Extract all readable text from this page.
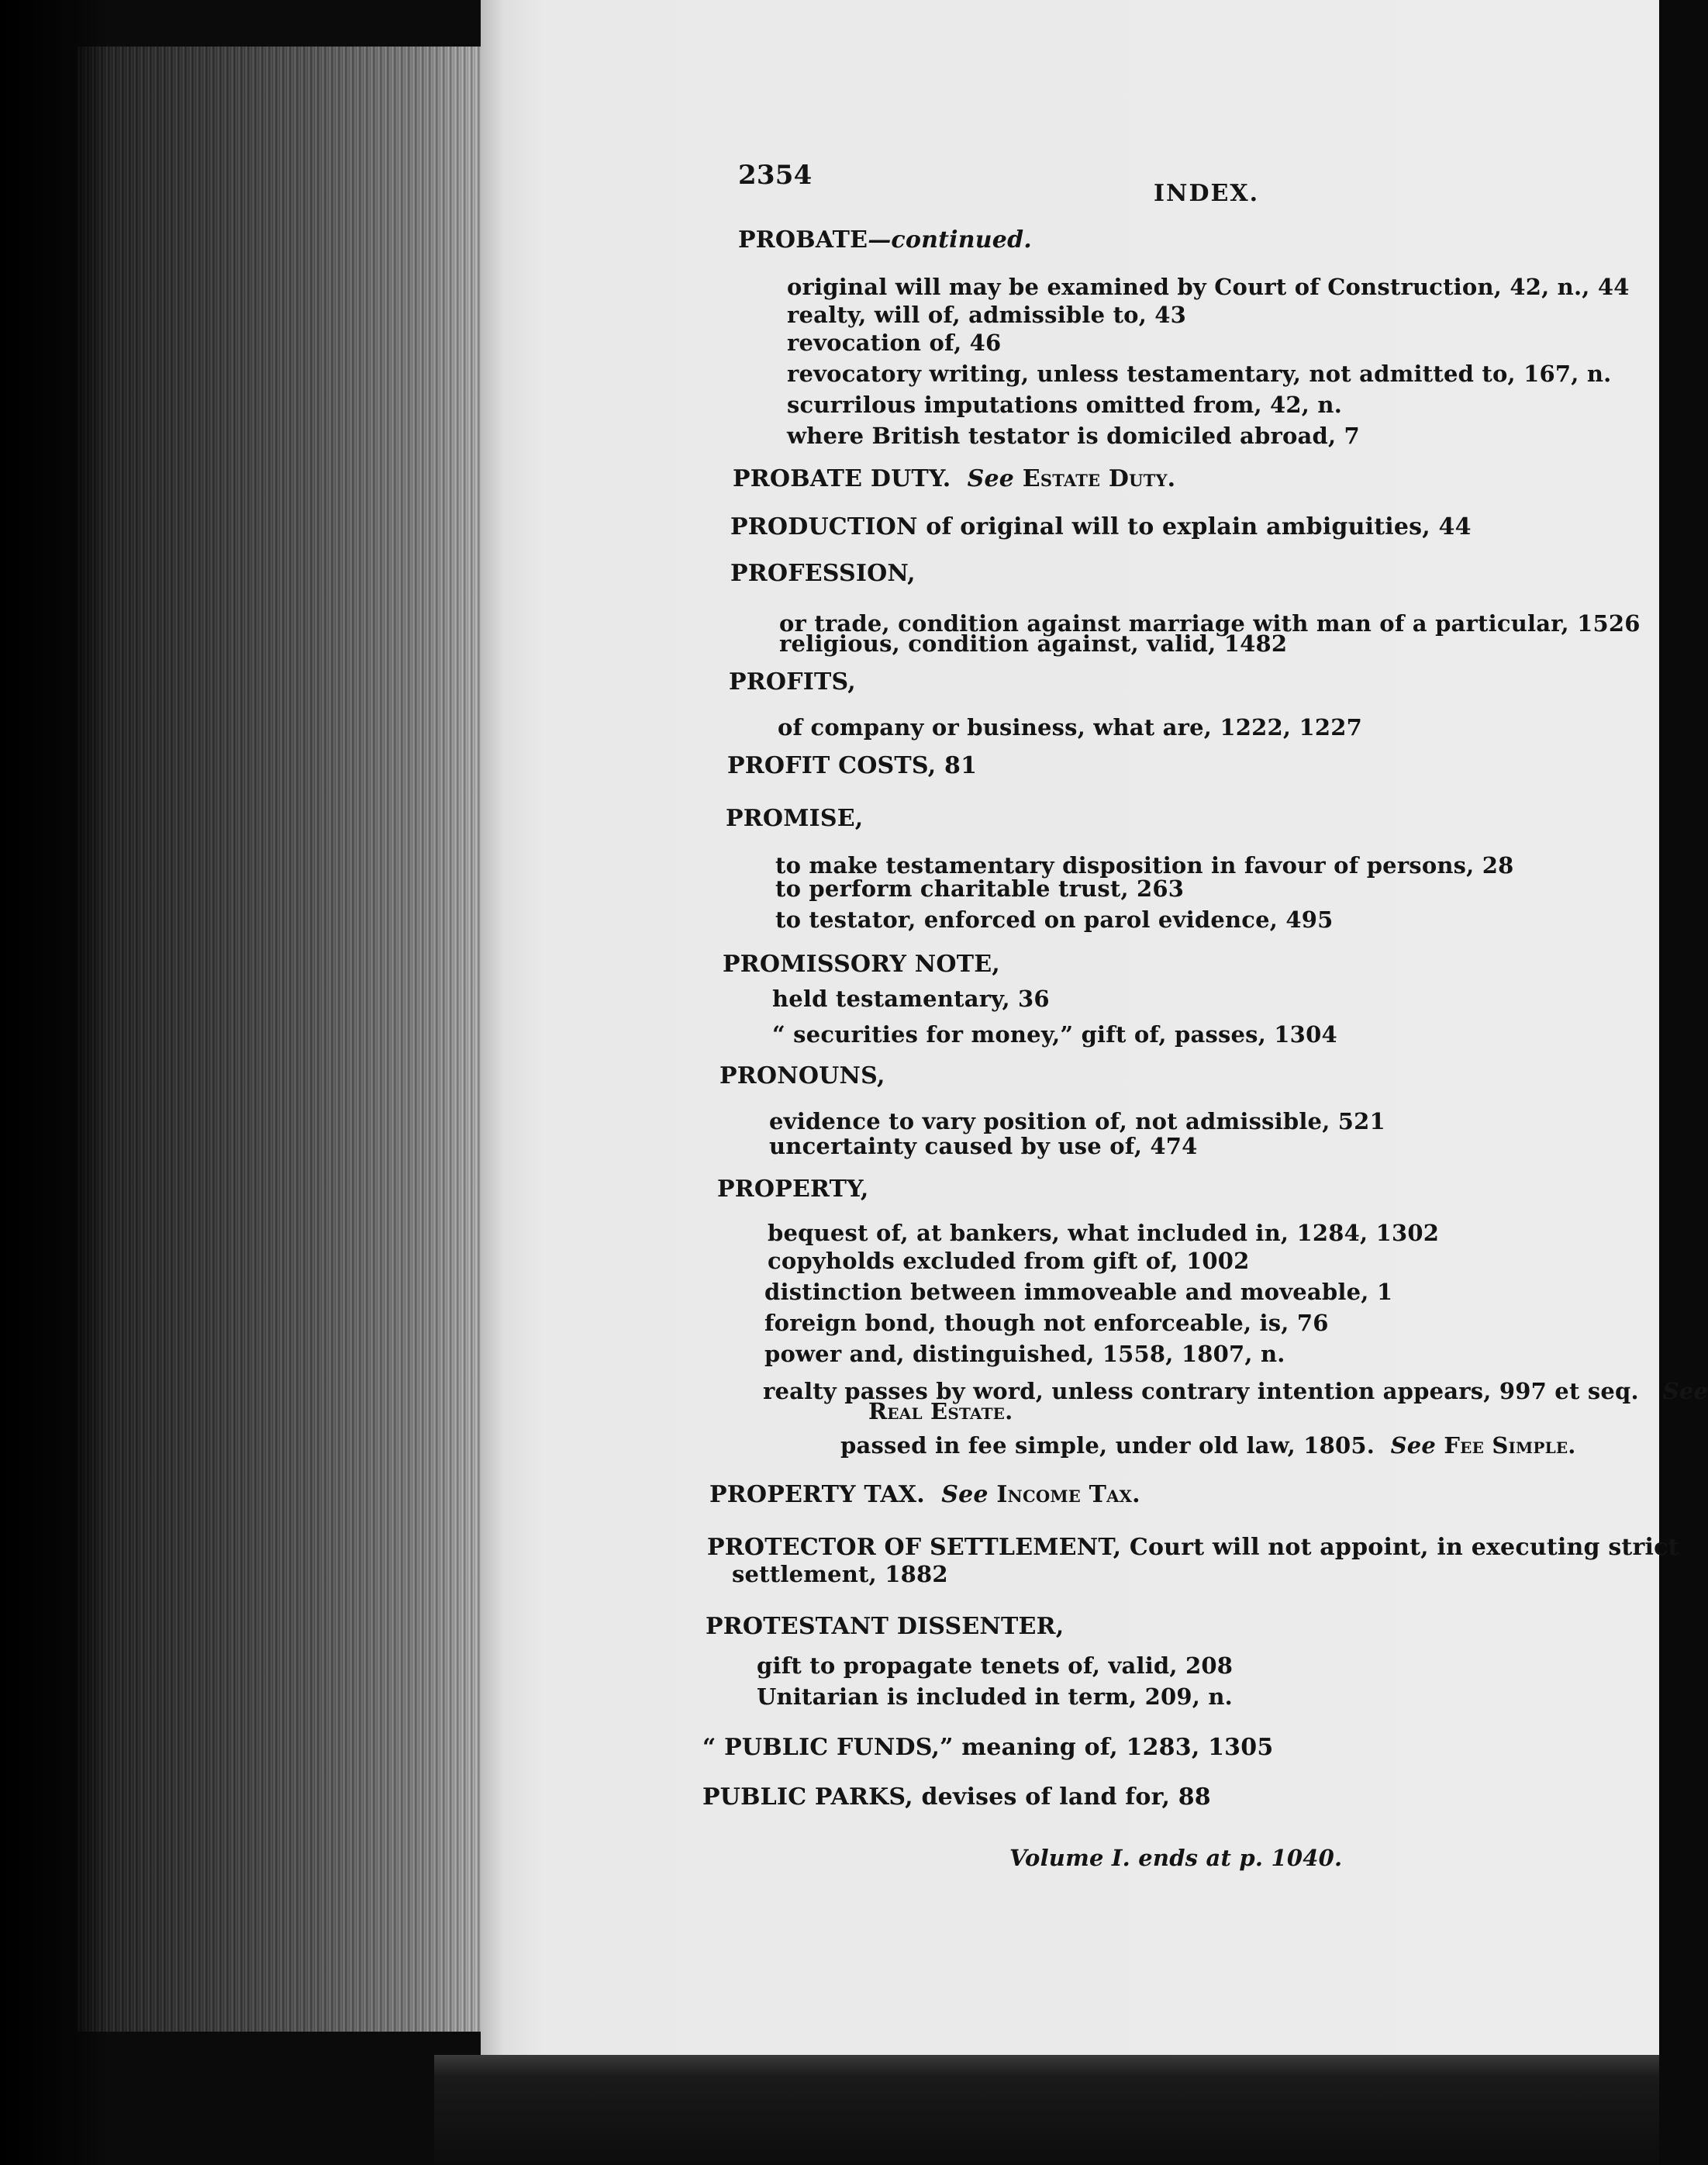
2354
INDEX.
PROBATE—continued.
original will may be examined by Court of Construction, 42, n., 44
realty, will of, admissible to, 43
revocation of, 46
revocatory writing, unless testamentary, not admitted to, 167, n.
scurrilous imputations omitted from, 42, n.
where British testator is domiciled abroad, 7
PROBATE DUTY. See Estate Duty.
PRODUCTION of original will to explain ambiguities, 44
PROFESSION,
or trade, condition against marriage with man of a particular, 1526
religious, condition against, valid, 1482
PROFITS,
of company or business, what are, 1222, 1227
PROFIT COSTS, 81
PROMISE,
to make testamentary disposition in favour of persons, 28
to perform charitable trust, 263
to testator, enforced on parol evidence, 495
PROMISSORY NOTE,
held testamentary, 36
“ securities for money,” gift of, passes, 1304
PRONOUNS,
evidence to vary position of, not admissible, 521
uncertainty caused by use of, 474
PROPERTY,
bequest of, at bankers, what included in, 1284, 1302
copyholds excluded from gift of, 1002
distinction between immoveable and moveable, 1
foreign bond, though not enforceable, is, 76
power and, distinguished, 1558, 1807, n.
realty passes by word, unless contrary intention appears, 997 et seq. See
Real Estate.
passed in fee simple, under old law, 1805. See Fee Simple.
PROPERTY TAX. See Income Tax.
PROTECTOR OF SETTLEMENT, Court will not appoint, in executing strict
settlement, 1882
PROTESTANT DISSENTER,
gift to propagate tenets of, valid, 208
Unitarian is included in term, 209, n.
“ PUBLIC FUNDS,” meaning of, 1283, 1305
PUBLIC PARKS, devises of land for, 88
Volume I. ends at p. 1040.
